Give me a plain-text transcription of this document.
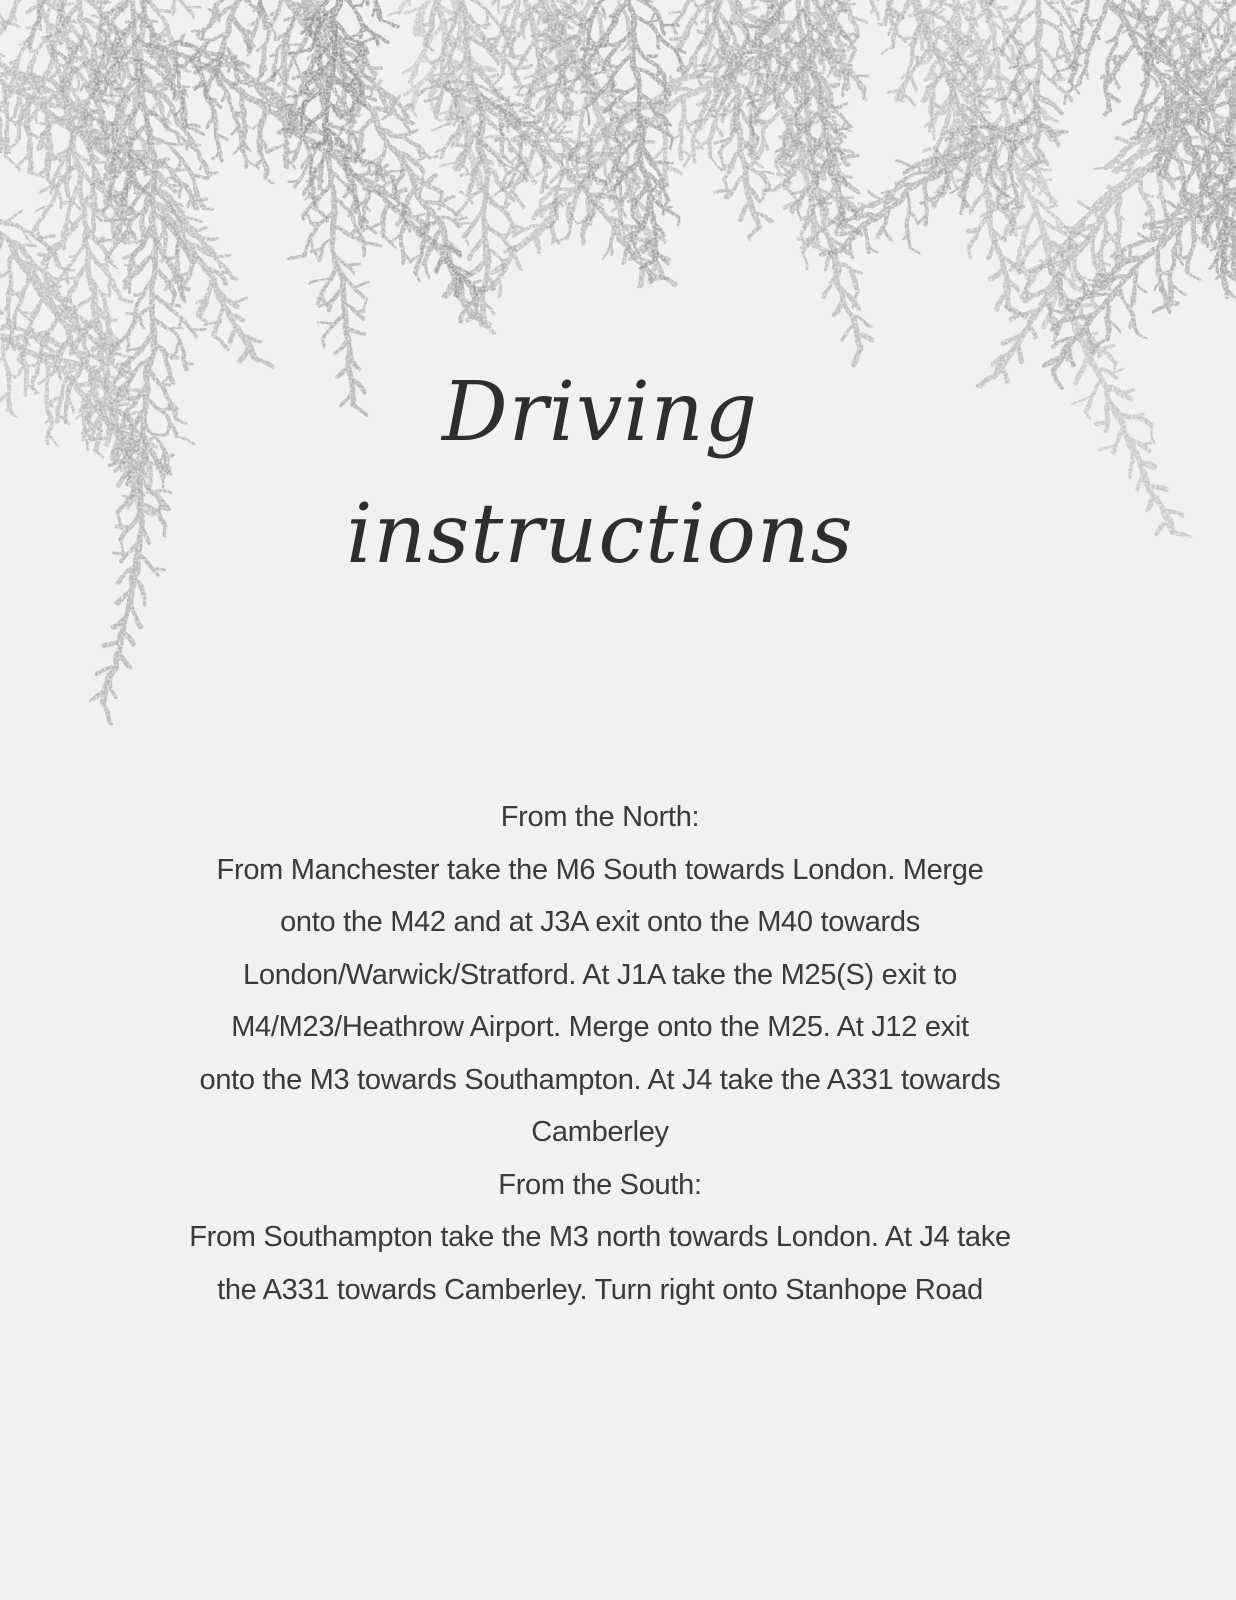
Driving
instructions
From the North:
From Manchester take the M6 South towards London. Merge
onto the M42 and at J3A exit onto the M40 towards
London/Warwick/Stratford. At J1A take the M25(S) exit to
M4/M23/Heathrow Airport. Merge onto the M25. At J12 exit
onto the M3 towards Southampton. At J4 take the A331 towards
Camberley
From the South:
From Southampton take the M3 north towards London. At J4 take
the A331 towards Camberley. Turn right onto Stanhope Road
